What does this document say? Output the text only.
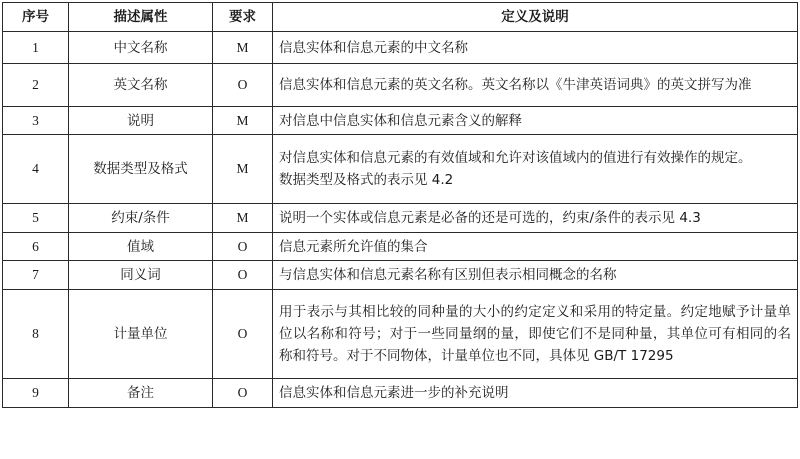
序号	描述属性	要求	定义及说明
1	中文名称	M	信息实体和信息元素的中文名称

2	英文名称	O	信息实体和信息元素的英文名称。英文名称以《牛津英语词典》的英文拼写为准

3	说明	M	对信息中信息实体和信息元素含义的解释

4	数据类型及格式	M	对信息实体和信息元素的有效值域和允许对该值域内的值进行有效操作的规定。
数据类型及格式的表示见 4.2

5	约束/条件	M	说明一个实体或信息元素是必备的还是可选的，约束/条件的表示见 4.3

6	值域	O	信息元素所允许值的集合

7	同义词	O	与信息实体和信息元素名称有区别但表示相同概念的名称

8	计量单位	O	用于表示与其相比较的同种量的大小的约定定义和采用的特定量。约定地赋予计量单位以名称和符号；对于一些同量纲的量，即使它们不是同种量，其单位可有相同的名称和符号。对于不同物体，计量单位也不同，具体见 GB/T 17295

9	备注	O	信息实体和信息元素进一步的补充说明
